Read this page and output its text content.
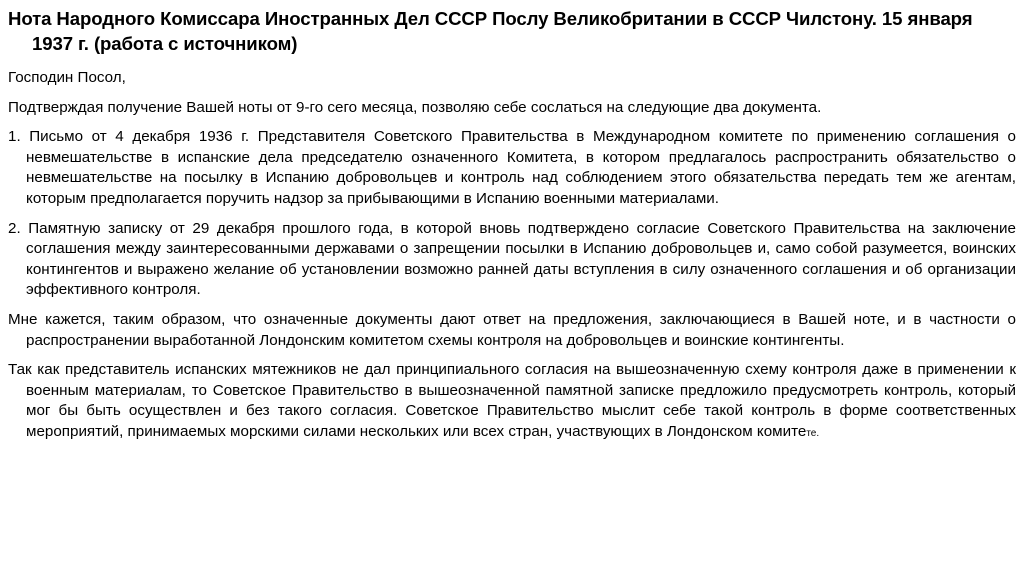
Нота Народного Комиссара Иностранных Дел СССР Послу Великобритании в СССР Чилстону. 15 января 1937 г. (работа с источником)

Господин Посол,

Подтверждая получение Вашей ноты от 9-го сего месяца, позволяю себе сослаться на следующие два документа.

1. Письмо от 4 декабря 1936 г. Представителя Советского Правительства в Международном комитете по применению соглашения о невмешательстве в испанские дела председателю означенного Комитета, в котором предлагалось распространить обязательство о невмешательстве на посылку в Испанию добровольцев и контроль над соблюдением этого обязательства передать тем же агентам, которым предполагается поручить надзор за прибывающими в Испанию военными материалами.

2. Памятную записку от 29 декабря прошлого года, в которой вновь подтверждено согласие Советского Правительства на заключение соглашения между заинтересованными державами о запрещении посылки в Испанию добровольцев и, само собой разумеется, воинских контингентов и выражено желание об установлении возможно ранней даты вступления в силу означенного соглашения и об организации эффективного контроля.

Мне кажется, таким образом, что означенные документы дают ответ на предложения, заключающиеся в Вашей ноте, и в частности о распространении выработанной Лондонским комитетом схемы контроля на добровольцев и воинские контингенты.

Так как представитель испанских мятежников не дал принципиального согласия на вышеозначенную схему контроля даже в применении к военным материалам, то Советское Правительство в вышеозначенной памятной записке предложило предусмотреть контроль, который мог бы быть осуществлен и без такого согласия. Советское Правительство мыслит себе такой контроль в форме соответственных мероприятий, принимаемых морскими силами нескольких или всех стран, участвующих в Лондонском комитете.
